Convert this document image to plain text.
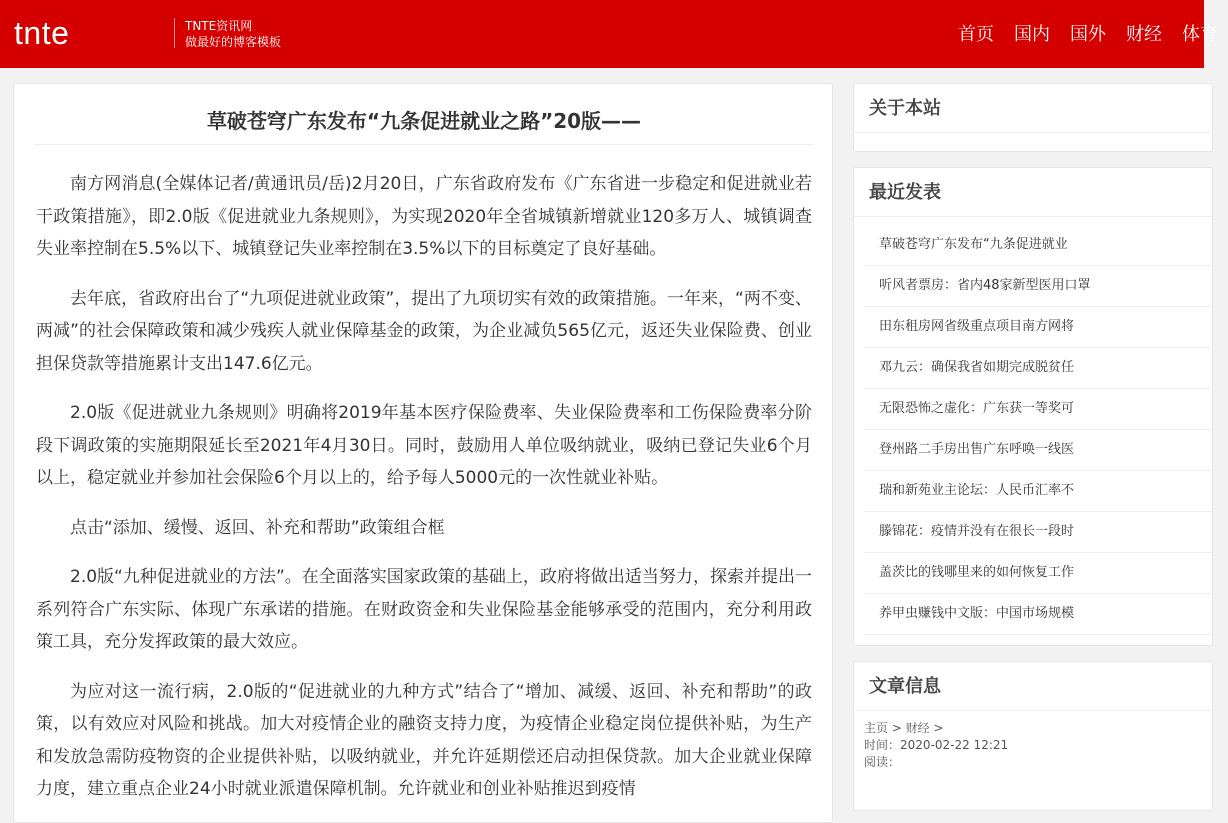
tnte	TNTE资讯网
做最好的博客模板	首页 国内 国外 财经 体育
草破苍穹广东发布“九条促进就业之路”20版——

南方网消息(全媒体记者/黄通讯员/岳)2月20日，广东省政府发布《广东省进一步稳定和促进就业若干政策措施》，即2.0版《促进就业九条规则》，为实现2020年全省城镇新增就业120多万人、城镇调查失业率控制在5.5%以下、城镇登记失业率控制在3.5%以下的目标奠定了良好基础。

去年底，省政府出台了“九项促进就业政策”，提出了九项切实有效的政策措施。一年来，“两不变、两减”的社会保障政策和减少残疾人就业保障基金的政策，为企业减负565亿元，返还失业保险费、创业担保贷款等措施累计支出147.6亿元。

2.0版《促进就业九条规则》明确将2019年基本医疗保险费率、失业保险费率和工伤保险费率分阶段下调政策的实施期限延长至2021年4月30日。同时，鼓励用人单位吸纳就业，吸纳已登记失业6个月以上，稳定就业并参加社会保险6个月以上的，给予每人5000元的一次性就业补贴。

点击“添加、缓慢、返回、补充和帮助”政策组合框

2.0版“九种促进就业的方法”。在全面落实国家政策的基础上，政府将做出适当努力，探索并提出一系列符合广东实际、体现广东承诺的措施。在财政资金和失业保险基金能够承受的范围内，充分利用政策工具，充分发挥政策的最大效应。

为应对这一流行病，2.0版的“促进就业的九种方式”结合了“增加、减缓、返回、补充和帮助”的政策，以有效应对风险和挑战。加大对疫情企业的融资支持力度，为疫情企业稳定岗位提供补贴，为生产和发放急需防疫物资的企业提供补贴，以吸纳就业，并允许延期偿还启动担保贷款。加大企业就业保障力度，建立重点企业24小时就业派遣保障机制。允许就业和创业补贴推迟到疫情

关于本站
最近发表
草破苍穹广东发布“九条促进就业
听风者票房：省内48家新型医用口罩
田东租房网省级重点项目南方网将
邓九云：确保我省如期完成脱贫任
无限恐怖之虚化：广东获一等奖可
登州路二手房出售广东呼唤一线医
瑞和新苑业主论坛：人民币汇率不
滕锦花：疫情并没有在很长一段时
盖茨比的钱哪里来的如何恢复工作
养甲虫赚钱中文版：中国市场规模
文章信息
主页 > 财经 >
时间：2020-02-22 12:21
阅读：
